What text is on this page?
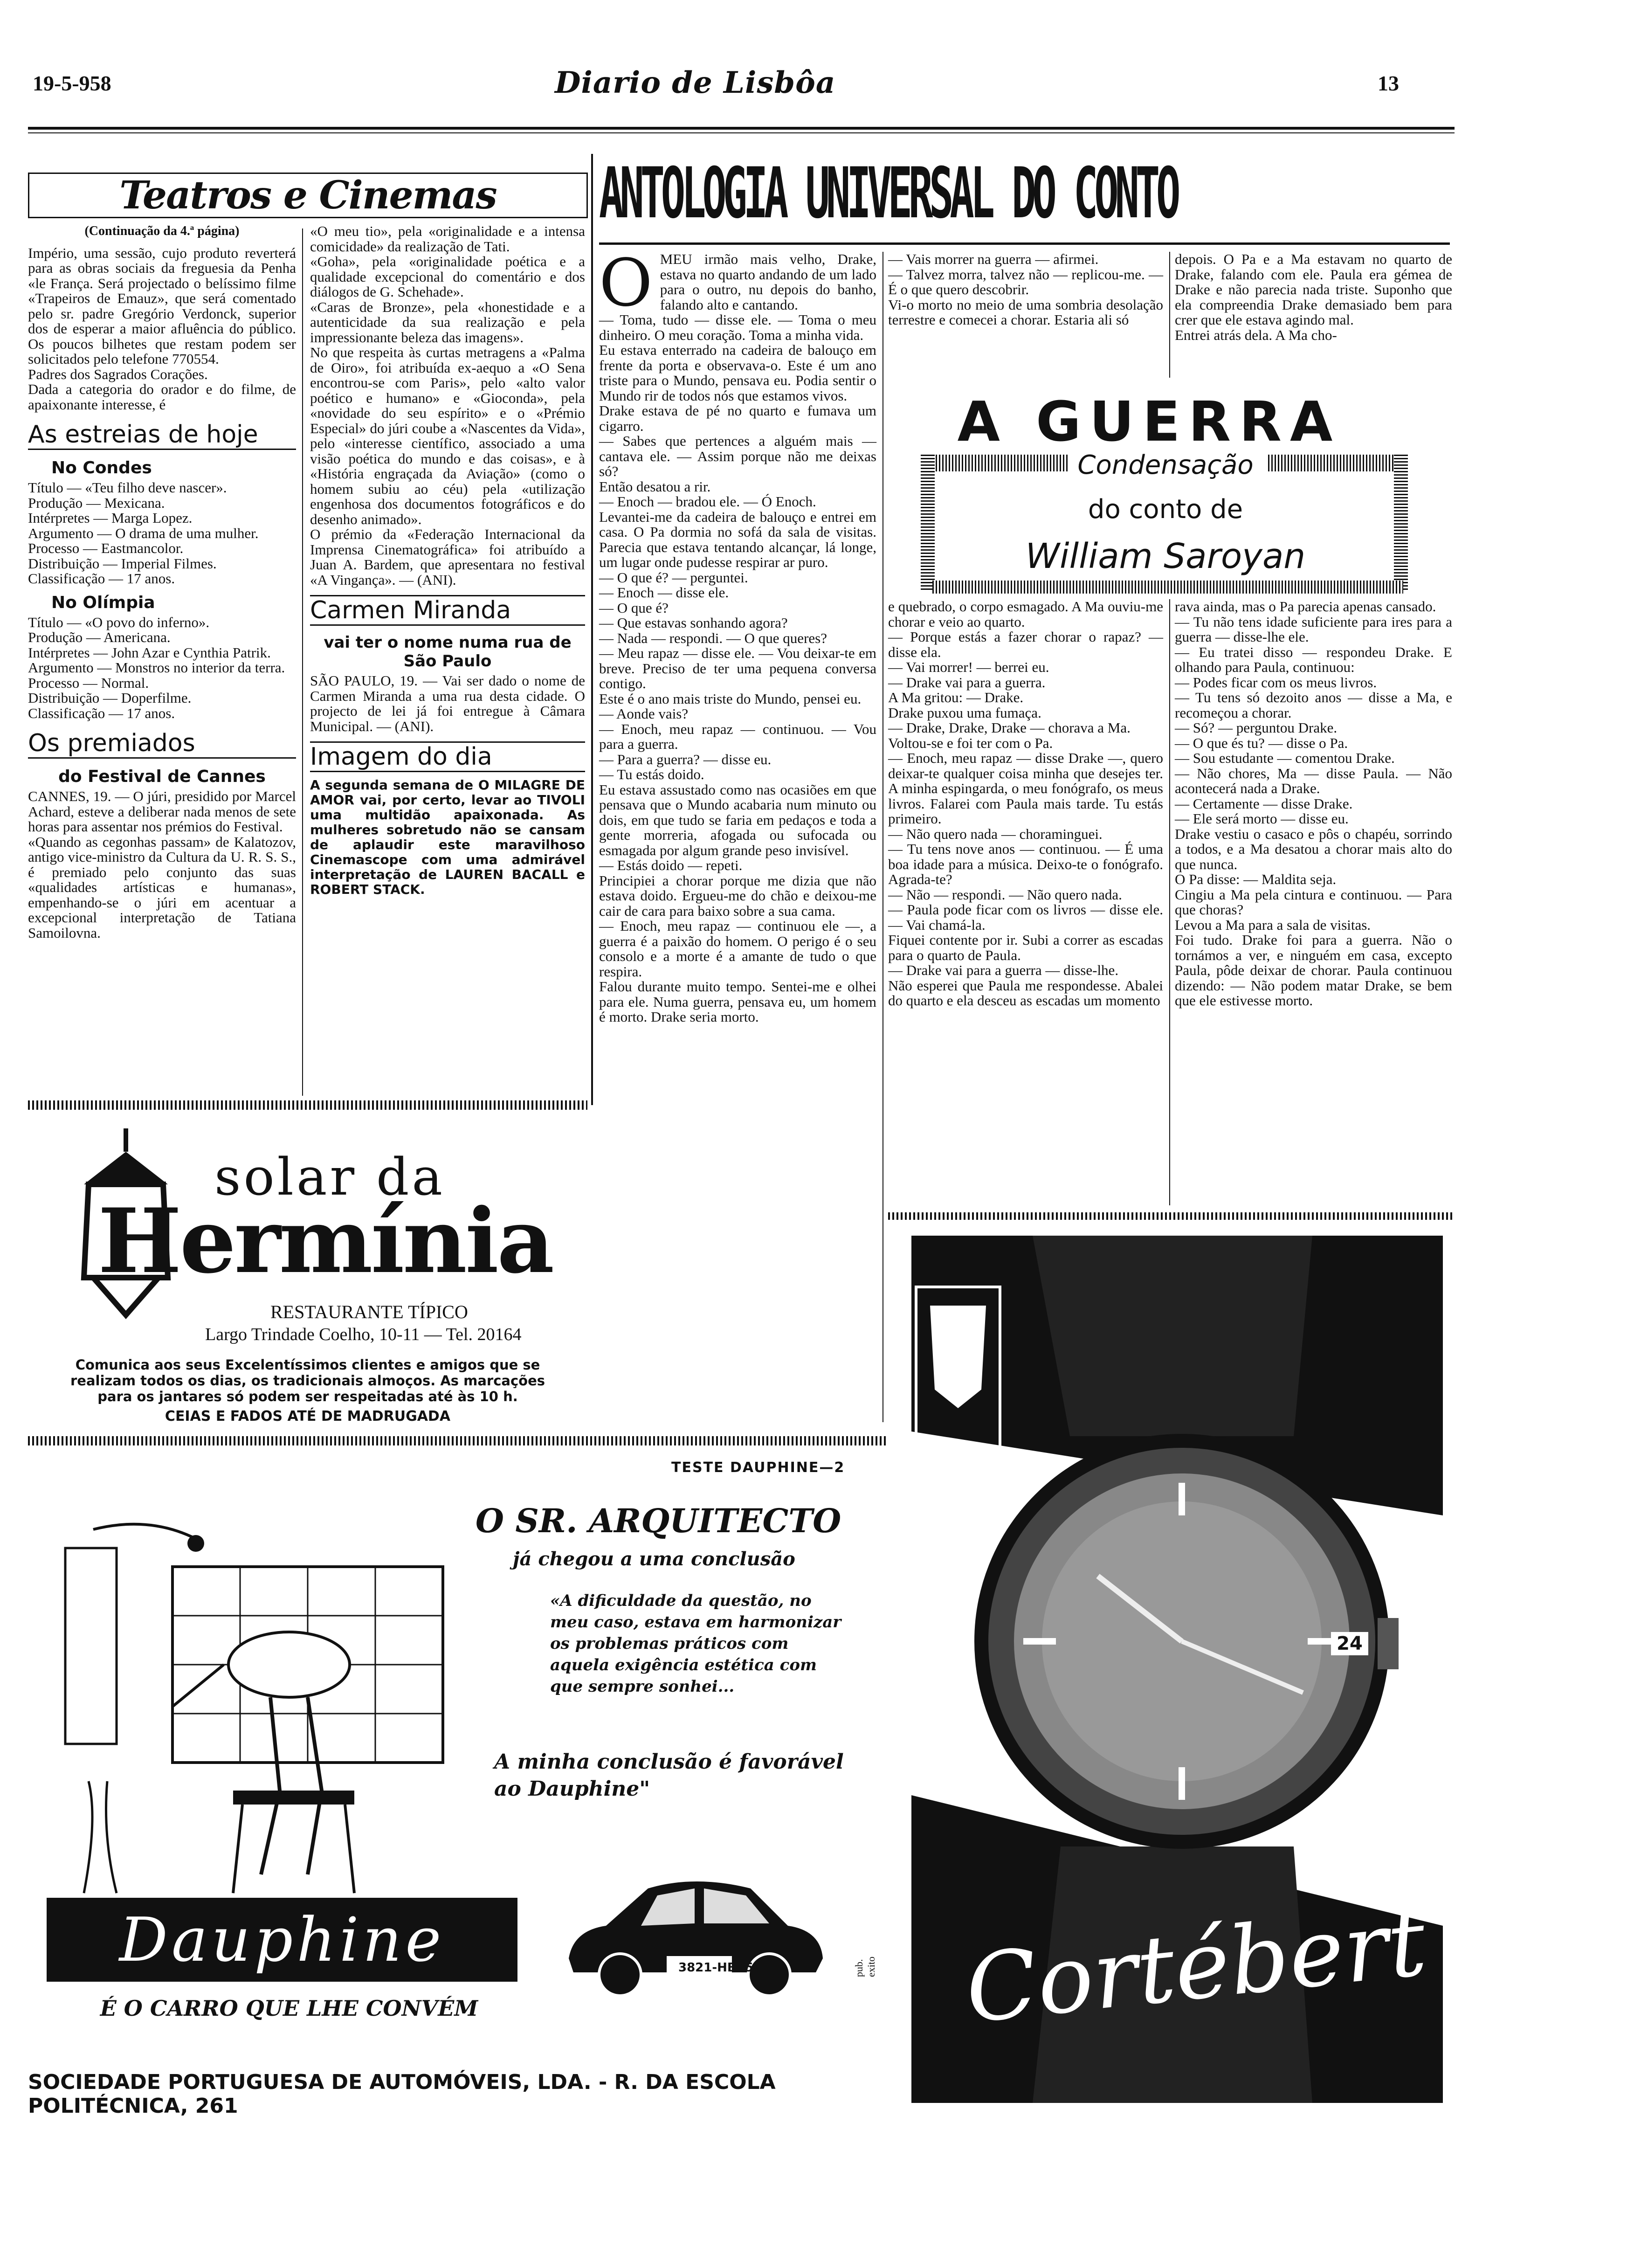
19-5-958	Diario de Lisbôa	13
Teatros e Cinemas
(Continuação da 4.ª página)

Império, uma sessão, cujo produto reverterá para as obras sociais da freguesia da Penha «le França. Será projectado o belíssimo filme «Trapeiros de Emauz», que será comentado pelo sr. padre Gregório Verdonck, superior dos de esperar a maior afluência do público. Os poucos bilhetes que restam podem ser solicitados pelo telefone 770554.

Padres dos Sagrados Corações.

Dada a categoria do orador e do filme, de apaixonante interesse, é

As estreias de hoje
No Condes

Título — «Teu filho deve nascer».

Produção — Mexicana.

Intérpretes — Marga Lopez.

Argumento — O drama de uma mulher.

Processo — Eastmancolor.

Distribuição — Imperial Filmes.

Classificação — 17 anos.

No Olímpia

Título — «O povo do inferno».

Produção — Americana.

Intérpretes — John Azar e Cynthia Patrik.

Argumento — Monstros no interior da terra.

Processo — Normal.

Distribuição — Doperfilme.

Classificação — 17 anos.

Os premiados
do Festival de Cannes

CANNES, 19. — O júri, presidido por Marcel Achard, esteve a deliberar nada menos de sete horas para assentar nos prémios do Festival.

«Quando as cegonhas passam» de Kalatozov, antigo vice-ministro da Cultura da U. R. S. S., é premiado pelo conjunto das suas «qualidades artísticas e humanas», empenhando-se o júri em acentuar a excepcional interpretação de Tatiana Samoilovna.

«O meu tio», pela «originalidade e a intensa comicidade» da realização de Tati.

«Goha», pela «originalidade poética e a qualidade excepcional do comentário e dos diálogos de G. Schehade».

«Caras de Bronze», pela «honestidade e a autenticidade da sua realização e pela impressionante beleza das imagens».

No que respeita às curtas metragens a «Palma de Oiro», foi atribuída ex-aequo a «O Sena encontrou-se com Paris», pelo «alto valor poético e humano» e «Gioconda», pela «novidade do seu espírito» e o «Prémio Especial» do júri coube a «Nascentes da Vida», pelo «interesse científico, associado a uma visão poética do mundo e das coisas», e à «História engraçada da Aviação» (como o homem subiu ao céu) pela «utilização engenhosa dos documentos fotográficos e do desenho animado».

O prémio da «Federação Internacional da Imprensa Cinematográfica» foi atribuído a Juan A. Bardem, que apresentara no festival «A Vingança». — (ANI).

Carmen Miranda
vai ter o nome numa rua de São Paulo
SÃO PAULO, 19. — Vai ser dado o nome de Carmen Miranda a uma rua desta cidade. O projecto de lei já foi entregue à Câmara Municipal. — (ANI).
Imagem do dia
A segunda semana de O MILAGRE DE AMOR vai, por certo, levar ao TIVOLI uma multidão apaixonada. As mulheres sobretudo não se cansam de aplaudir este maravilhoso Cinemascope com uma admirável interpretação de LAUREN BACALL e ROBERT STACK.
solar da
Hermínia
RESTAURANTE TÍPICO
Largo Trindade Coelho, 10-11 — Tel. 20164
Comunica aos seus Excelentíssimos clientes e amigos que se realizam todos os dias, os tradicionais almoços. As marcações para os jantares só podem ser respeitadas até às 10 h.
CEIAS E FADOS ATÉ DE MADRUGADA
TESTE DAUPHINE—2
O SR. ARQUITECTO
já chegou a uma conclusão
«A dificuldade da questão, no meu caso, estava em harmonizar os problemas práticos com aquela exigência estética com que sempre sonhei...
A minha conclusão é favorável ao Dauphine"
Dauphine
É O CARRO QUE LHE CONVÉM
3821-HB75	pub. exito
SOCIEDADE PORTUGUESA DE AUTOMÓVEIS, LDA. - R. DA ESCOLA POLITÉCNICA, 261
ANTOLOGIA UNIVERSAL DO CONTO
O MEU irmão mais velho, Drake, estava no quarto andando de um lado para o outro, nu depois do banho, falando alto e cantando.

— Toma, tudo — disse ele. — Toma o meu dinheiro. O meu coração. Toma a minha vida.

Eu estava enterrado na cadeira de balouço em frente da porta e observava-o. Este é um ano triste para o Mundo, pensava eu. Podia sentir o Mundo rir de todos nós que estamos vivos.

Drake estava de pé no quarto e fumava um cigarro.

— Sabes que pertences a alguém mais — cantava ele. — Assim porque não me deixas só?

Então desatou a rir.

— Enoch — bradou ele. — Ó Enoch.

Levantei-me da cadeira de balouço e entrei em casa. O Pa dormia no sofá da sala de visitas. Parecia que estava tentando alcançar, lá longe, um lugar onde pudesse respirar ar puro.

— O que é? — perguntei.

— Enoch — disse ele.

— O que é?

— Que estavas sonhando agora?

— Nada — respondi. — O que queres?

— Meu rapaz — disse ele. — Vou deixar-te em breve. Preciso de ter uma pequena conversa contigo.

Este é o ano mais triste do Mundo, pensei eu.

— Aonde vais?

— Enoch, meu rapaz — continuou. — Vou para a guerra.

— Para a guerra? — disse eu.

— Tu estás doido.

Eu estava assustado como nas ocasiões em que pensava que o Mundo acabaria num minuto ou dois, em que tudo se faria em pedaços e toda a gente morreria, afogada ou sufocada ou esmagada por algum grande peso invisível.

— Estás doido — repeti.

Principiei a chorar porque me dizia que não estava doido. Ergueu-me do chão e deixou-me cair de cara para baixo sobre a sua cama.

— Enoch, meu rapaz — continuou ele —, a guerra é a paixão do homem. O perigo é o seu consolo e a morte é a amante de tudo o que respira.

Falou durante muito tempo. Sentei-me e olhei para ele. Numa guerra, pensava eu, um homem é morto. Drake seria morto.

— Vais morrer na guerra — afirmei.

— Talvez morra, talvez não — replicou-me. — É o que quero descobrir.

Vi-o morto no meio de uma sombria desolação terrestre e comecei a chorar. Estaria ali só

depois. O Pa e a Ma estavam no quarto de Drake, falando com ele. Paula era gémea de Drake e não parecia nada triste. Suponho que ela compreendia Drake demasiado bem para crer que ele estava agindo mal.

Entrei atrás dela. A Ma cho-

A GUERRA
Condensação
do conto de
William Saroyan

e quebrado, o corpo esmagado. A Ma ouviu-me chorar e veio ao quarto.

— Porque estás a fazer chorar o rapaz? — disse ela.

— Vai morrer! — berrei eu.

— Drake vai para a guerra.

A Ma gritou: — Drake.

Drake puxou uma fumaça.

— Drake, Drake, Drake — chorava a Ma.

Voltou-se e foi ter com o Pa.

— Enoch, meu rapaz — disse Drake —, quero deixar-te qualquer coisa minha que desejes ter. A minha espingarda, o meu fonógrafo, os meus livros. Falarei com Paula mais tarde. Tu estás primeiro.

— Não quero nada — choraminguei.

— Tu tens nove anos — continuou. — É uma boa idade para a música. Deixo-te o fonógrafo. Agrada-te?

— Não — respondi. — Não quero nada.

— Paula pode ficar com os livros — disse ele. — Vai chamá-la.

Fiquei contente por ir. Subi a correr as escadas para o quarto de Paula.

— Drake vai para a guerra — disse-lhe.

Não esperei que Paula me respondesse. Abalei do quarto e ela desceu as escadas um momento

rava ainda, mas o Pa parecia apenas cansado.

— Tu não tens idade suficiente para ires para a guerra — disse-lhe ele.

— Eu tratei disso — respondeu Drake. E olhando para Paula, continuou:

— Podes ficar com os meus livros.

— Tu tens só dezoito anos — disse a Ma, e recomeçou a chorar.

— Só? — perguntou Drake.

— O que és tu? — disse o Pa.

— Sou estudante — comentou Drake.

— Não chores, Ma — disse Paula. — Não acontecerá nada a Drake.

— Certamente — disse Drake.

— Ele será morto — disse eu.

Drake vestiu o casaco e pôs o chapéu, sorrindo a todos, e a Ma desatou a chorar mais alto do que nunca.

O Pa disse: — Maldita seja.

Cingiu a Ma pela cintura e continuou. — Para que choras?

Levou a Ma para a sala de visitas.

Foi tudo. Drake foi para a guerra. Não o tornámos a ver, e ninguém em casa, excepto Paula, pôde deixar de chorar. Paula continuou dizendo: — Não podem matar Drake, se bem que ele estivesse morto.

1790
24
Cortébert
